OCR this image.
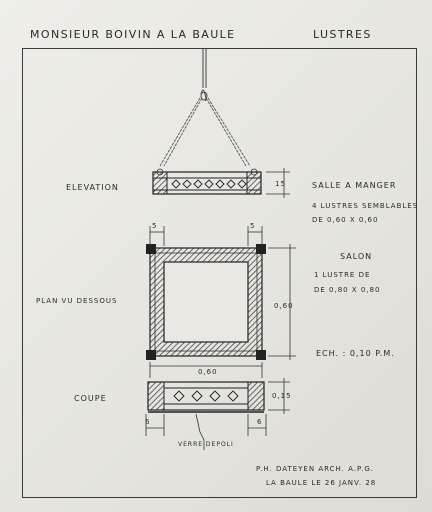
MONSIEUR BOIVIN A LA BAULE	LUSTRES
ELEVATION
PLAN VU DESSOUS
COUPE
15
5	5
0,60
0,60
0,15
6	6
VERRE DEPOLI
SALLE A MANGER
4 LUSTRES SEMBLABLES
DE 0,60 X 0,60
SALON
1 LUSTRE DE
DE 0,80 X 0,80
ECH. : 0,10 P.M.
P.H. DATEYEN ARCH. A.P.G.
LA BAULE LE 26 JANV. 28
